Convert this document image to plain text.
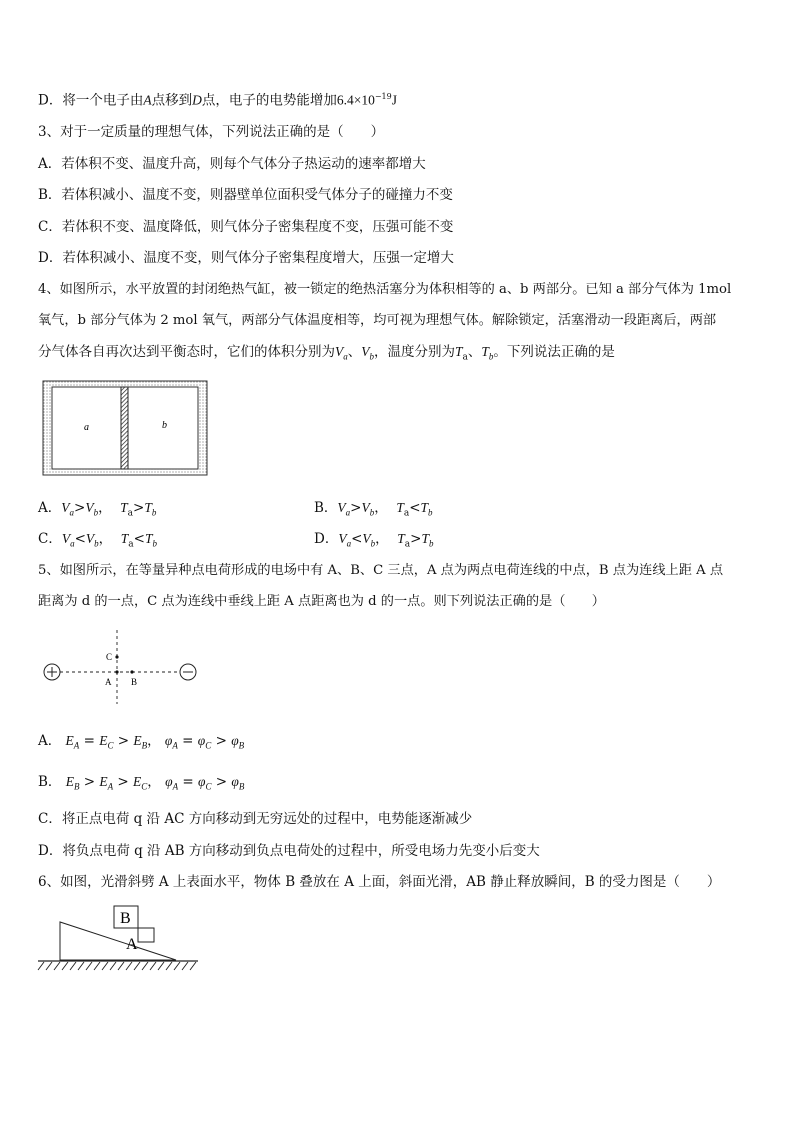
D．将一个电子由A点移到D点，电子的电势能增加$6.4\times 10^{-19}J$
3、对于一定质量的理想气体，下列说法正确的是（　　）
A．若体积不变、温度升高，则每个气体分子热运动的速率都增大
B．若体积减小、温度不变，则器壁单位面积受气体分子的碰撞力不变
C．若体积不变、温度降低，则气体分子密集程度不变，压强可能不变
D．若体积减小、温度不变，则气体分子密集程度增大，压强一定增大
4、如图所示，水平放置的封闭绝热气缸，被一锁定的绝热活塞分为体积相等的 a、b 两部分。已知 a 部分气体为 1mol
氧气，b 部分气体为 2 mol 氧气，两部分气体温度相等，均可视为理想气体。解除锁定，活塞滑动一段距离后，两部
分气体各自再次达到平衡态时，它们的体积分别为$V_a$、$V_b$，温度分别为$T_a$、$T_b$。下列说法正确的是
a	b
A．$V_a>V_b$，  $T_a>T_b$	B．$V_a>V_b$，  $T_a<T_b$
C．$V_a<V_b$，  $T_a<T_b$	D．$V_a<V_b$，  $T_a>T_b$
5、如图所示，在等量异种点电荷形成的电场中有 A、B、C 三点，A 点为两点电荷连线的中点，B 点为连线上距 A 点
距离为 d 的一点，C 点为连线中垂线上距 A 点距离也为 d 的一点。则下列说法正确的是（　　）
C
A B
A． $E_A = E_C > E_B$， $\varphi_A = \varphi_C > \varphi_B$
B． $E_B > E_A > E_C$， $\varphi_A = \varphi_C > \varphi_B$
C．将正点电荷 q 沿 AC 方向移动到无穷远处的过程中，电势能逐渐减少
D．将负点电荷 q 沿 AB 方向移动到负点电荷处的过程中，所受电场力先变小后变大
6、如图，光滑斜劈 A 上表面水平，物体 B 叠放在 A 上面，斜面光滑，AB 静止释放瞬间，B 的受力图是（　　）
B
A
